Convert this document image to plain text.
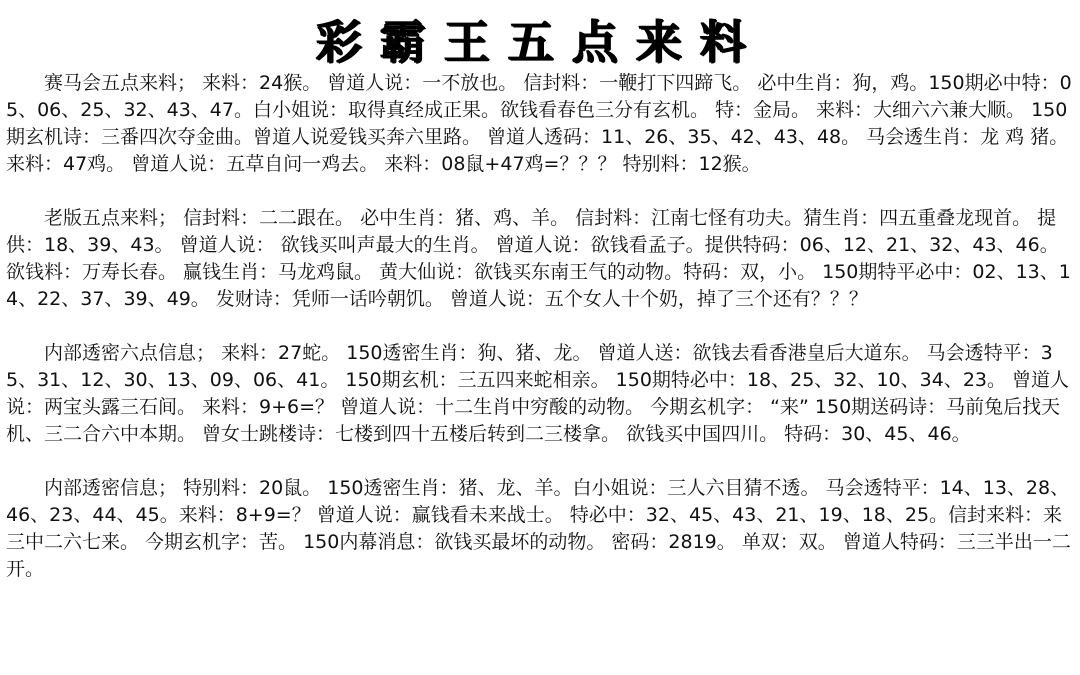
彩霸王五点来料

赛马会五点来料； 来料：24猴。 曾道人说：一不放也。 信封料：一鞭打下四蹄飞。 必中生肖：狗，鸡。150期必中特：05、06、25、32、43、47。白小姐说：取得真经成正果。欲钱看春色三分有玄机。 特：金局。 来料：大细六六兼大顺。 150期玄机诗：三番四次夺金曲。曾道人说爱钱买奔六里路。 曾道人透码：11、26、35、42、43、48。 马会透生肖：龙 鸡 猪。 来料：47鸡。 曾道人说：五草自问一鸡去。 来料：08鼠+47鸡=？？？ 特别料：12猴。

老版五点来料； 信封料：二二跟在。 必中生肖：猪、鸡、羊。 信封料：江南七怪有功夫。猜生肖：四五重叠龙现首。 提供：18、39、43。 曾道人说： 欲钱买叫声最大的生肖。 曾道人说：欲钱看孟子。提供特码：06、12、21、32、43、46。 欲钱料：万寿长春。 赢钱生肖：马龙鸡鼠。 黄大仙说：欲钱买东南王气的动物。特码：双，小。 150期特平必中：02、13、14、22、37、39、49。 发财诗：凭师一话吟朝饥。 曾道人说：五个女人十个奶，掉了三个还有？？？

内部透密六点信息； 来料：27蛇。 150透密生肖：狗、猪、龙。 曾道人送：欲钱去看香港皇后大道东。 马会透特平：35、31、12、30、13、09、06、41。 150期玄机：三五四来蛇相亲。 150期特必中：18、25、32、10、34、23。 曾道人说：两宝头露三石间。 来料：9+6=？ 曾道人说：十二生肖中穷酸的动物。 今期玄机字： “来” 150期送码诗：马前兔后找天机、三二合六中本期。 曾女士跳楼诗：七楼到四十五楼后转到二三楼拿。 欲钱买中国四川。 特码：30、45、46。

内部透密信息； 特别料：20鼠。 150透密生肖：猪、龙、羊。白小姐说：三人六目猜不透。 马会透特平：14、13、28、46、23、44、45。来料：8+9=？ 曾道人说：赢钱看未来战士。 特必中：32、45、43、21、19、18、25。信封来料：来三中二六七来。 今期玄机字：苦。 150内幕消息：欲钱买最坏的动物。 密码：2819。 单双：双。 曾道人特码：三三半出一二开。
